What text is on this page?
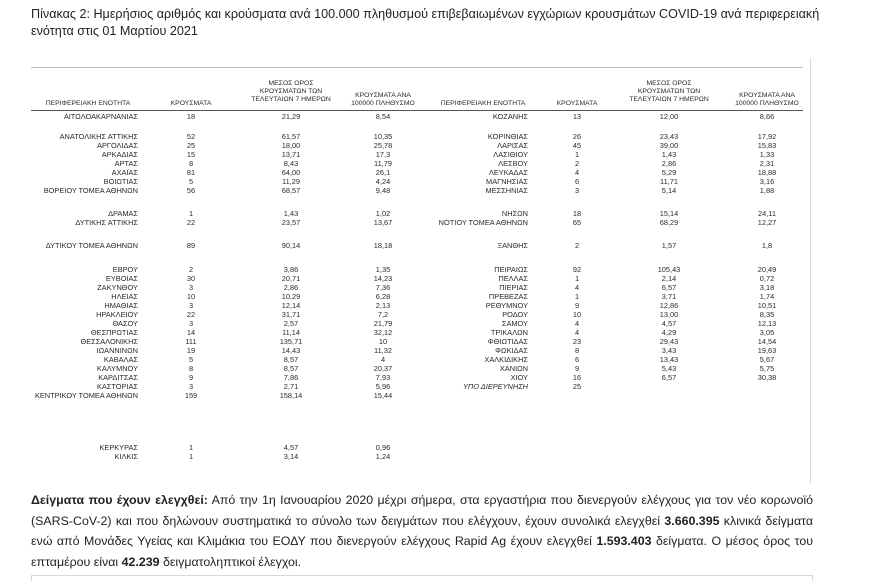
Πίνακας 2: Ημερήσιος αριθμός και κρούσματα ανά 100.000 πληθυσμού επιβεβαιωμένων εγχώριων κρουσμάτων COVID-19 ανά περιφερειακή ενότητα στις 01 Μαρτίου 2021
ΠΕΡΙΦΕΡΕΙΑΚΗ ΕΝΟΤΗΤΑ	ΚΡΟΥΣΜΑΤΑ
ΜΕΣΟΣ ΟΡΟΣ
ΚΡΟΥΣΜΑΤΩΝ ΤΩΝ
ΤΕΛΕΥΤΑΙΩΝ 7 ΗΜΕΡΩΝ
ΚΡΟΥΣΜΑΤΑ ΑΝΑ
100000 ΠΛΗΘΥΣΜΟ	ΠΕΡΙΦΕΡΕΙΑΚΗ ΕΝΟΤΗΤΑ	ΚΡΟΥΣΜΑΤΑ
ΜΕΣΟΣ ΟΡΟΣ
ΚΡΟΥΣΜΑΤΩΝ ΤΩΝ
ΤΕΛΕΥΤΑΙΩΝ 7 ΗΜΕΡΩΝ
ΚΡΟΥΣΜΑΤΑ ΑΝΑ
100000 ΠΛΗΘΥΣΜΟ
ΑΙΤΩΛΟΑΚΑΡΝΑΝΙΑΣ	18	21,29	8,54
ΑΝΑΤΟΛΙΚΗΣ ΑΤΤΙΚΗΣ	52	61,57	10,35
ΑΡΓΟΛΙΔΑΣ	25	18,00	25,78
ΑΡΚΑΔΙΑΣ	15	13,71	17,3
ΑΡΤΑΣ	8	8,43	11,79
ΑΧΑΪΑΣ	81	64,00	26,1
ΒΟΙΩΤΙΑΣ	5	11,29	4,24
ΒΟΡΕΙΟΥ ΤΟΜΕΑ ΑΘΗΝΩΝ	56	68,57	9,48
ΔΡΑΜΑΣ	1	1,43	1,02
ΔΥΤΙΚΗΣ ΑΤΤΙΚΗΣ	22	23,57	13,67
ΔΥΤΙΚΟΥ ΤΟΜΕΑ ΑΘΗΝΩΝ	89	90,14	18,18
ΕΒΡΟΥ	2	3,86	1,35
ΕΥΒΟΙΑΣ	30	20,71	14,23
ΖΑΚΥΝΘΟΥ	3	2,86	7,36
ΗΛΕΙΑΣ	10	10,29	6,28
ΗΜΑΘΙΑΣ	3	12,14	2,13
ΗΡΑΚΛΕΙΟΥ	22	31,71	7,2
ΘΑΣΟΥ	3	2,57	21,79
ΘΕΣΠΡΩΤΙΑΣ	14	11,14	32,12
ΘΕΣΣΑΛΟΝΙΚΗΣ	111	135,71	10
ΙΩΑΝΝΙΝΩΝ	19	14,43	11,32
ΚΑΒΑΛΑΣ	5	8,57	4
ΚΑΛΥΜΝΟΥ	8	8,57	20,37
ΚΑΡΔΙΤΣΑΣ	9	7,86	7,93
ΚΑΣΤΟΡΙΑΣ	3	2,71	5,96
ΚΕΝΤΡΙΚΟΥ ΤΟΜΕΑ ΑΘΗΝΩΝ	159	158,14	15,44
ΚΕΡΚΥΡΑΣ	1	4,57	0,96
ΚΙΛΚΙΣ	1	3,14	1,24
ΚΟΖΑΝΗΣ	13	12,00	8,66
ΚΟΡΙΝΘΙΑΣ	26	23,43	17,92
ΛΑΡΙΣΑΣ	45	39,00	15,83
ΛΑΣΙΘΙΟΥ	1	1,43	1,33
ΛΕΣΒΟΥ	2	2,86	2,31
ΛΕΥΚΑΔΑΣ	4	5,29	18,88
ΜΑΓΝΗΣΙΑΣ	6	11,71	3,16
ΜΕΣΣΗΝΙΑΣ	3	5,14	1,88
ΝΗΣΩΝ	18	15,14	24,11
ΝΟΤΙΟΥ ΤΟΜΕΑ ΑΘΗΝΩΝ	65	68,29	12,27
ΞΑΝΘΗΣ	2	1,57	1,8
ΠΕΙΡΑΙΩΣ	92	105,43	20,49
ΠΕΛΛΑΣ	1	2,14	0,72
ΠΙΕΡΙΑΣ	4	6,57	3,18
ΠΡΕΒΕΖΑΣ	1	3,71	1,74
ΡΕΘΥΜΝΟΥ	9	12,86	10,51
ΡΟΔΟΥ	10	13,00	8,35
ΣΑΜΟΥ	4	4,57	12,13
ΤΡΙΚΑΛΩΝ	4	4,29	3,05
ΦΘΙΩΤΙΔΑΣ	23	29,43	14,54
ΦΩΚΙΔΑΣ	8	3,43	19,63
ΧΑΛΚΙΔΙΚΗΣ	6	13,43	5,67
ΧΑΝΙΩΝ	9	5,43	5,75
ΧΙΟΥ	16	6,57	30,38
ΥΠΟ ΔΙΕΡΕΥΝΗΣΗ	25
Δείγματα που έχουν ελεγχθεί: Από την 1η Ιανουαρίου 2020 μέχρι σήμερα, στα εργαστήρια που διενεργούν ελέγχους για τον νέο κορωνοϊό (SARS-CoV-2) και που δηλώνουν συστηματικά το σύνολο των δειγμάτων που ελέγχουν, έχουν συνολικά ελεγχθεί 3.660.395 κλινικά δείγματα ενώ από Μονάδες Υγείας και Κλιμάκια του ΕΟΔΥ που διενεργούν ελέγχους Rapid Ag έχουν ελεγχθεί 1.593.403 δείγματα. Ο μέσος όρος του επταμέρου είναι 42.239 δειγματοληπτικοί έλεγχοι.
